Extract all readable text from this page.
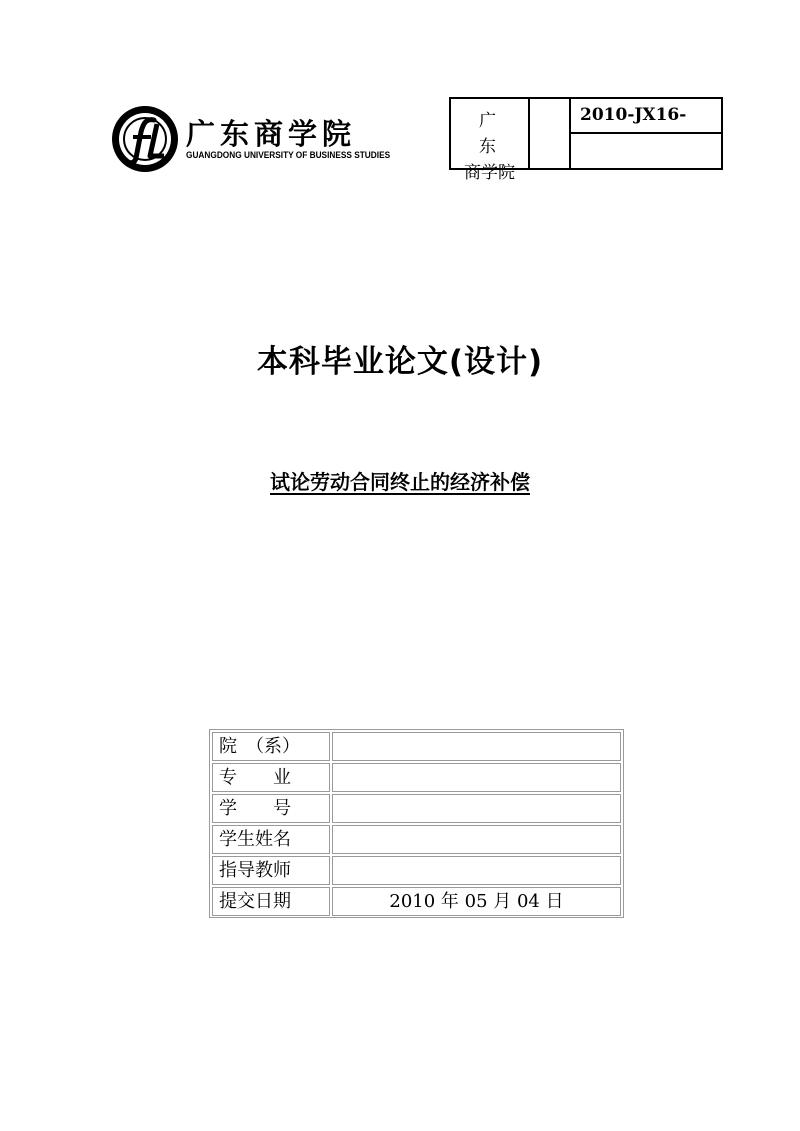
广东商学院
GUANGDONG UNIVERSITY OF BUSINESS STUDIES
广东
商学院
2010-JX16-
本科毕业论文(设计)
试论劳动合同终止的经济补偿
院　（系）
专　　业
学　　号
学生姓名
指导教师
提交日期	2010 年 05 月 04 日
